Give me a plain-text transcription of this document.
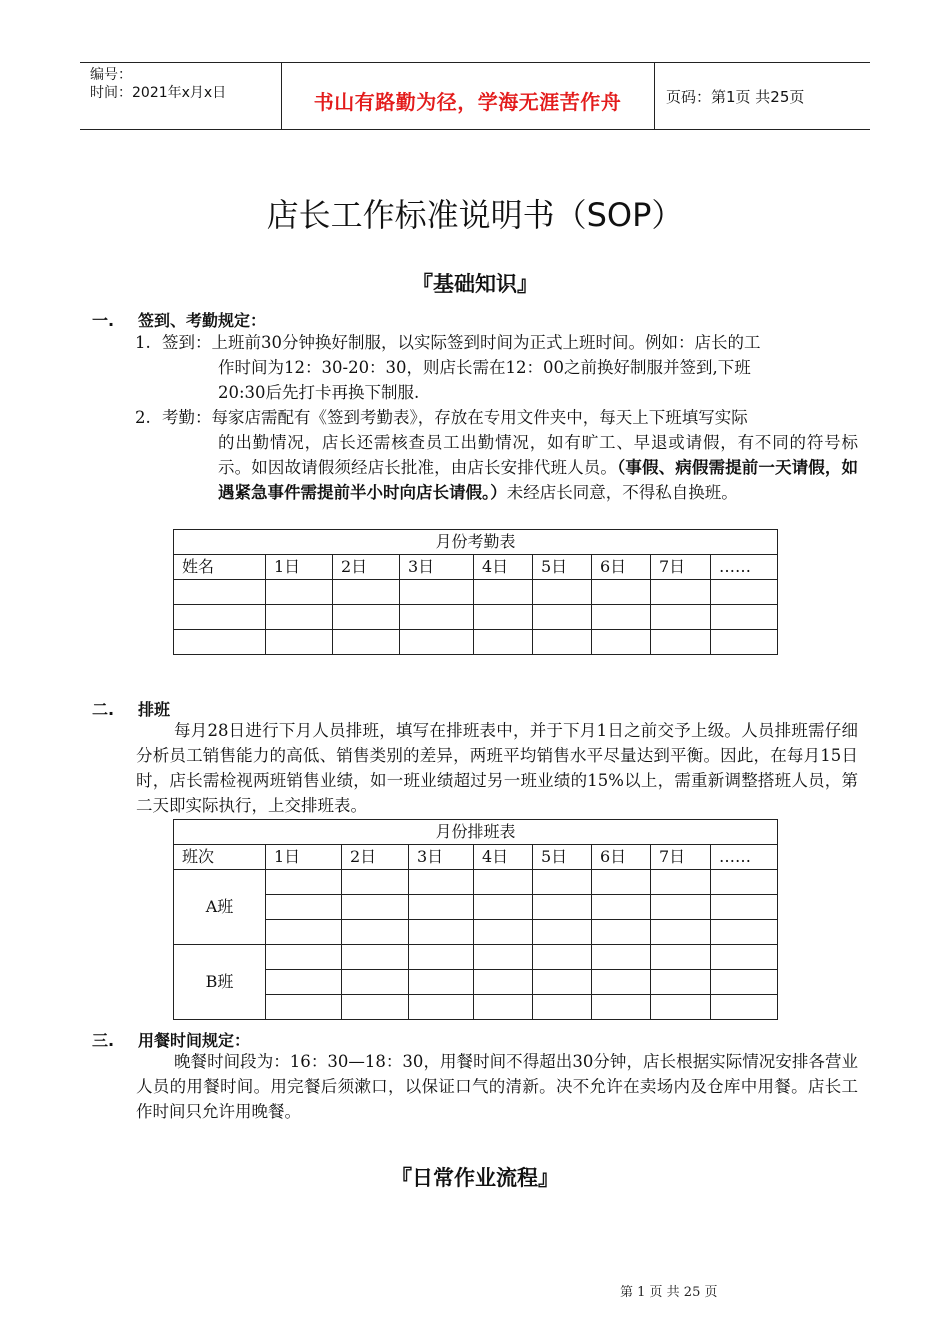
编号：
时间：2021年x月x日	书山有路勤为径，学海无涯苦作舟	页码：第1页 共25页
店长工作标准说明书（SOP）
『基础知识』
一. 签到、考勤规定：
1. 签到：上班前30分钟换好制服，以实际签到时间为正式上班时间。例如：店长的工
作时间为12：30-20：30，则店长需在12：00之前换好制服并签到,下班
20:30后先打卡再换下制服.
2. 考勤：每家店需配有《签到考勤表》，存放在专用文件夹中，每天上下班填写实际
的出勤情况，店长还需核查员工出勤情况，如有旷工、早退或请假，有不同的符号标示。如因故请假须经店长批准，由店长安排代班人员。（事假、病假需提前一天请假，如遇紧急事件需提前半小时向店长请假。）未经店长同意，不得私自换班。
月份考勤表								
姓名	1日	2日	3日	4日	5日	6日	7日	……

二. 排班
每月28日进行下月人员排班，填写在排班表中，并于下月1日之前交予上级。人员排班需仔细分析员工销售能力的高低、销售类别的差异，两班平均销售水平尽量达到平衡。因此，在每月15日时，店长需检视两班销售业绩，如一班业绩超过另一班业绩的15%以上，需重新调整搭班人员，第二天即实际执行，上交排班表。
月份排班表								
班次	1日	2日	3日	4日	5日	6日	7日	……
A班								

B班								

三. 用餐时间规定：
晚餐时间段为：16：30—18：30，用餐时间不得超出30分钟，店长根据实际情况安排各营业人员的用餐时间。用完餐后须漱口，以保证口气的清新。决不允许在卖场内及仓库中用餐。店长工作时间只允许用晚餐。
『日常作业流程』
第 1 页 共 25 页
